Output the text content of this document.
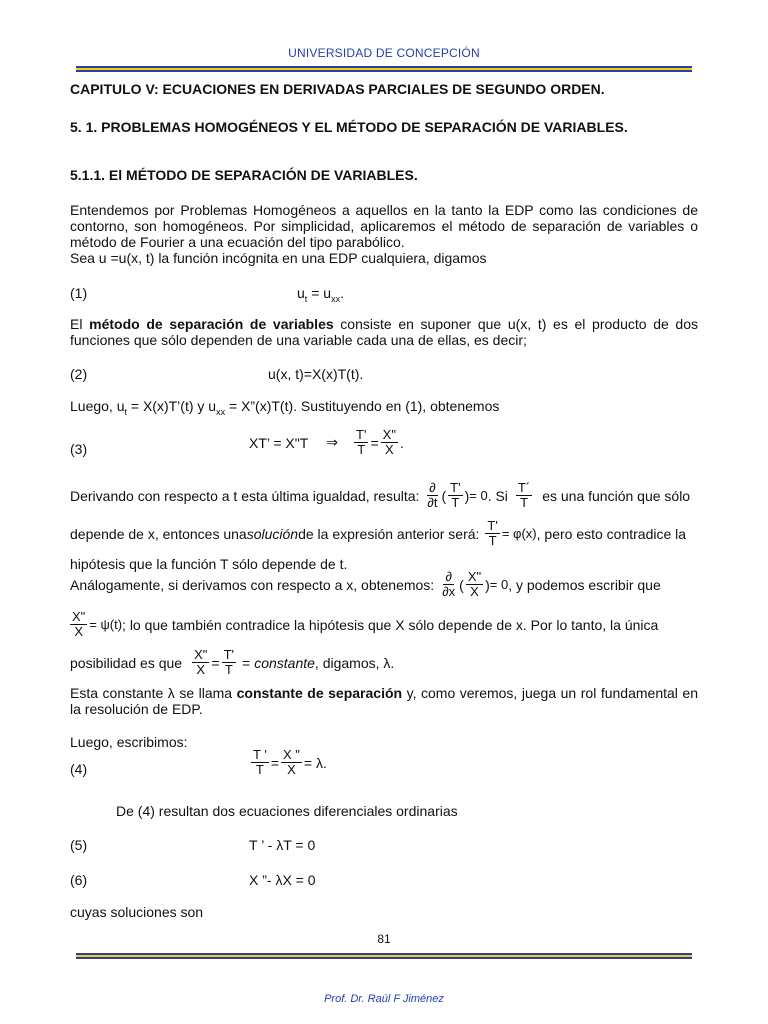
UNIVERSIDAD DE CONCEPCIÓN
CAPITULO V: ECUACIONES EN DERIVADAS PARCIALES DE SEGUNDO ORDEN.
5. 1. PROBLEMAS HOMOGÉNEOS Y EL MÉTODO DE SEPARACIÓN DE VARIABLES.
5.1.1. El MÉTODO DE SEPARACIÓN DE VARIABLES.
Entendemos por Problemas Homogéneos a aquellos en la tanto la EDP como las condiciones de contorno, son homogéneos. Por simplicidad, aplicaremos el método de separación de variables o método de Fourier a una ecuación del tipo parabólico.
Sea u =u(x, t) la función incógnita en una EDP cualquiera, digamos
(1)	$u_t = u_{xx}$.
El método de separación de variables consiste en suponer que u(x, t) es el producto de dos funciones que sólo dependen de una variable cada una de ellas, es decir;
(2)	u(x, t)=X(x)T(t).
Luego, $u_t$ = X(x)T’(t) y $u_{xx}$ = X”(x)T(t). Sustituyendo en (1), obtenemos
(3)	XT’ = X"T ⇒ $\frac{T'}{T} = \frac{X"}{X}$ .
Derivando con respecto a t esta última igualdad, resulta: $\frac{\partial}{\partial t}$ ( $\frac{T'}{T}$ ) = 0 . Si $\frac{T´}{T}$ es una función que sólo
depende de x, entonces una solución de la expresión anterior será: $\frac{T'}{T} = \varphi(x)$ , pero esto contradice la
hipótesis que la función T sólo depende de t.
Análogamente, si derivamos con respecto a x, obtenemos: $\frac{\partial}{\partial x}$ ( $\frac{X"}{X}$ ) = 0 , y podemos escribir que
$\frac{X"}{X} = \psi(t)$ ; lo que también contradice la hipótesis que X sólo depende de x. Por lo tanto, la única
posibilidad es que $\frac{X"}{X} = \frac{T'}{T}$ = constante , digamos, λ.
Esta constante λ se llama constante de separación y, como veremos, juega un rol fundamental en la resolución de EDP.
Luego, escribimos:
(4)	$\frac{T '}{T} = \frac{X "}{X} = \lambda$.
De (4) resultan dos ecuaciones diferenciales ordinarias
(5)	T ’ - λT = 0
(6)	X ”- λX = 0
cuyas soluciones son
81
Prof. Dr. Raúl F Jiménez
